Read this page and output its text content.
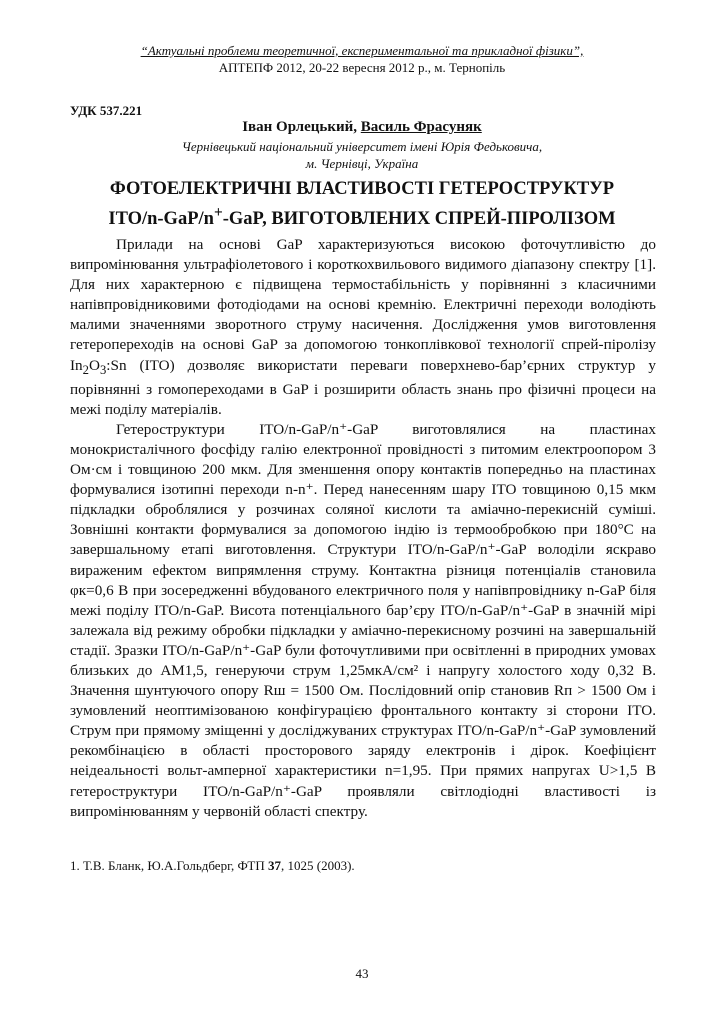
“Актуальні проблеми теоретичної, експериментальної та прикладної фізики”,
АПТЕПФ 2012, 20-22 вересня 2012 р., м. Тернопіль
УДК 537.221
Іван Орлецький, Василь Фрасуняк
Чернівецький національний університет імені Юрія Федьковича,
м. Чернівці, Україна
ФОТОЕЛЕКТРИЧНІ ВЛАСТИВОСТІ ГЕТЕРОСТРУКТУР
ITO/n-GaP/n+-GaP, ВИГОТОВЛЕНИХ СПРЕЙ-ПІРОЛІЗОМ

Прилади на основі GaP характеризуються високою фоточутливістю до випромінювання ультрафіолетового і короткохвильового видимого діапазону спектру [1]. Для них характерною є підвищена термостабільність у порівнянні з класичними напівпровідниковими фотодіодами на основі кремнію. Електричні переходи володіють малими значеннями зворотного струму насичення. Дослідження умов виготовлення гетеропереходів на основі GaP за допомогою тонкоплівкової технології спрей-піролізу $In_2O_3:Sn$ (ITO) дозволяє використати переваги поверхнево-бар’єрних структур у порівнянні з гомопереходами в GaP і розширити область знань про фізичні процеси на межі поділу матеріалів.

Гетероструктури ITO/n-GaP/n⁺-GaP виготовлялися на пластинах монокристалічного фосфіду галію електронної провідності з питомим електроопором 3 Ом·см і товщиною 200 мкм. Для зменшення опору контактів попередньо на пластинах формувалися ізотипні переходи n-n⁺. Перед нанесенням шару ITO товщиною 0,15 мкм підкладки оброблялися у розчинах соляної кислоти та аміачно-перекисній суміші. Зовнішні контакти формувалися за допомогою індію із термообробкою при 180°С на завершальному етапі виготовлення. Структури ITO/n-GaP/n⁺-GaP володіли яскраво вираженим ефектом випрямлення струму. Контактна різниця потенціалів становила φк=0,6 В при зосередженні вбудованого електричного поля у напівпровіднику n-GaP біля межі поділу ITO/n-GaP. Висота потенціального бар’єру ITO/n-GaP/n⁺-GaP в значній мірі залежала від режиму обробки підкладки у аміачно-перекисному розчині на завершальній стадії. Зразки ITO/n-GaP/n⁺-GaP були фоточутливими при освітленні в природних умовах близьких до АМ1,5, генеруючи струм 1,25мкА/см² і напругу холостого ходу 0,32 В. Значення шунтуючого опору Rш = 1500 Ом. Послідовний опір становив Rп > 1500 Ом і зумовлений неоптимізованою конфігурацією фронтального контакту зі сторони ITO. Струм при прямому зміщенні у досліджуваних структурах ITO/n-GaP/n⁺-GaP зумовлений рекомбінацією в області просторового заряду електронів і дірок. Коефіцієнт неідеальності вольт-амперної характеристики n=1,95. При прямих напругах U>1,5 В гетероструктури ITO/n-GaP/n⁺-GaP проявляли світлодіодні властивості із випромінюванням у червоній області спектру.

1. Т.В. Бланк, Ю.А.Гольдберг, ФТП 37, 1025 (2003).
43
